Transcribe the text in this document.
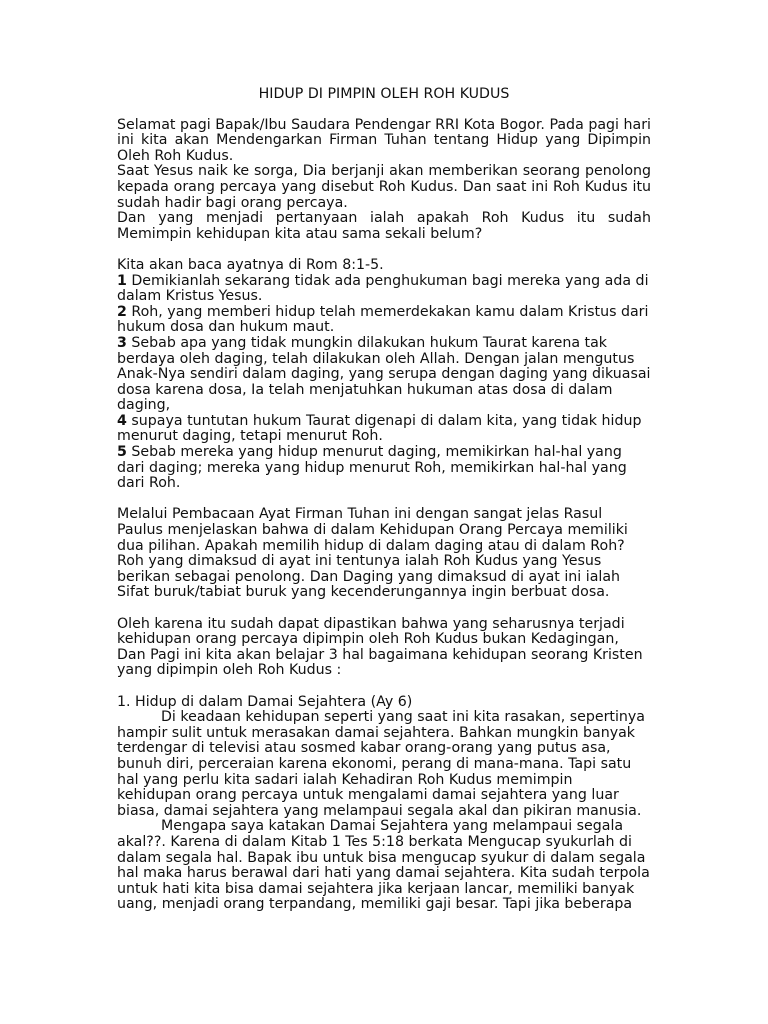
HIDUP DI PIMPIN OLEH ROH KUDUS

Selamat pagi Bapak/Ibu Saudara Pendengar RRI Kota Bogor. Pada pagi hari ini kita akan Mendengarkan Firman Tuhan tentang Hidup yang Dipimpin Oleh Roh Kudus.

Saat Yesus naik ke sorga, Dia berjanji akan memberikan seorang penolong kepada orang percaya yang disebut Roh Kudus. Dan saat ini Roh Kudus itu sudah hadir bagi orang percaya.

Dan yang menjadi pertanyaan ialah apakah Roh Kudus itu sudah Memimpin kehidupan kita atau sama sekali belum?

Kita akan baca ayatnya di Rom 8:1-5.

1 Demikianlah sekarang tidak ada penghukuman bagi mereka yang ada di dalam Kristus Yesus.

2 Roh, yang memberi hidup telah memerdekakan kamu dalam Kristus dari hukum dosa dan hukum maut.

3 Sebab apa yang tidak mungkin dilakukan hukum Taurat karena tak berdaya oleh daging, telah dilakukan oleh Allah. Dengan jalan mengutus Anak-Nya sendiri dalam daging, yang serupa dengan daging yang dikuasai dosa karena dosa, Ia telah menjatuhkan hukuman atas dosa di dalam daging,

4 supaya tuntutan hukum Taurat digenapi di dalam kita, yang tidak hidup menurut daging, tetapi menurut Roh.

5 Sebab mereka yang hidup menurut daging, memikirkan hal-hal yang dari daging; mereka yang hidup menurut Roh, memikirkan hal-hal yang dari Roh.

Melalui Pembacaan Ayat Firman Tuhan ini dengan sangat jelas Rasul Paulus menjelaskan bahwa di dalam Kehidupan Orang Percaya memiliki dua pilihan. Apakah memilih hidup di dalam daging atau di dalam Roh? Roh yang dimaksud di ayat ini tentunya ialah Roh Kudus yang Yesus berikan sebagai penolong. Dan Daging yang dimaksud di ayat ini ialah Sifat buruk/tabiat buruk yang kecenderungannya ingin berbuat dosa.

Oleh karena itu sudah dapat dipastikan bahwa yang seharusnya terjadi kehidupan orang percaya dipimpin oleh Roh Kudus bukan Kedagingan, Dan Pagi ini kita akan belajar 3 hal bagaimana kehidupan seorang Kristen yang dipimpin oleh Roh Kudus :

1. Hidup di dalam Damai Sejahtera (Ay 6)

Di keadaan kehidupan seperti yang saat ini kita rasakan, sepertinya hampir sulit untuk merasakan damai sejahtera. Bahkan mungkin banyak terdengar di televisi atau sosmed kabar orang-orang yang putus asa, bunuh diri, perceraian karena ekonomi, perang di mana-mana. Tapi satu hal yang perlu kita sadari ialah Kehadiran Roh Kudus memimpin kehidupan orang percaya untuk mengalami damai sejahtera yang luar biasa, damai sejahtera yang melampaui segala akal dan pikiran manusia.

Mengapa saya katakan Damai Sejahtera yang melampaui segala akal??. Karena di dalam Kitab 1 Tes 5:18 berkata Mengucap syukurlah di dalam segala hal. Bapak ibu untuk bisa mengucap syukur di dalam segala hal maka harus berawal dari hati yang damai sejahtera. Kita sudah terpola untuk hati kita bisa damai sejahtera jika kerjaan lancar, memiliki banyak uang, menjadi orang terpandang, memiliki gaji besar. Tapi jika beberapa
